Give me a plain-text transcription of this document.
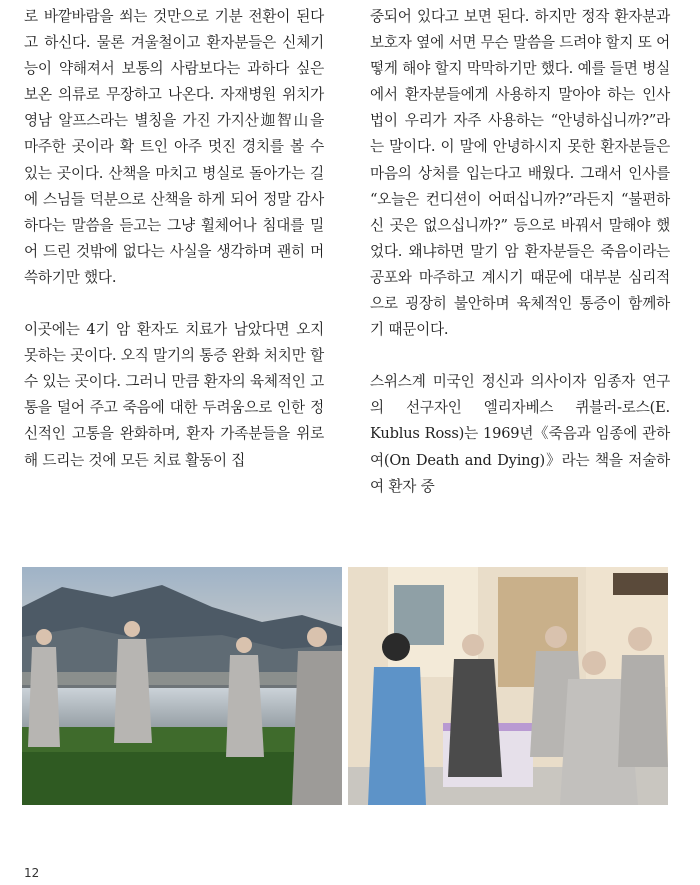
로 바깥바람을 쐬는 것만으로 기분 전환이 된다고 하신다. 물론 겨울철이고 환자분들은 신체기능이 약해져서 보통의 사람보다는 과하다 싶은 보온 의류로 무장하고 나온다. 자재병원 위치가 영남 알프스라는 별칭을 가진 가지산迦智山을 마주한 곳이라 확 트인 아주 멋진 경치를 볼 수 있는 곳이다. 산책을 마치고 병실로 돌아가는 길에 스님들 덕분으로 산책을 하게 되어 정말 감사하다는 말씀을 듣고는 그냥 휠체어나 침대를 밀어 드린 것밖에 없다는 사실을 생각하며 괜히 머쓱하기만 했다.

이곳에는 4기 암 환자도 치료가 남았다면 오지 못하는 곳이다. 오직 말기의 통증 완화 처치만 할 수 있는 곳이다. 그러니 만큼 환자의 육체적인 고통을 덜어 주고 죽음에 대한 두려움으로 인한 정신적인 고통을 완화하며, 환자 가족분들을 위로해 드리는 것에 모든 치료 활동이 집

중되어 있다고 보면 된다. 하지만 정작 환자분과 보호자 옆에 서면 무슨 말씀을 드려야 할지 또 어떻게 해야 할지 막막하기만 했다. 예를 들면 병실에서 환자분들에게 사용하지 말아야 하는 인사법이 우리가 자주 사용하는 “안녕하십니까?”라는 말이다. 이 말에 안녕하시지 못한 환자분들은 마음의 상처를 입는다고 배웠다. 그래서 인사를 “오늘은 컨디션이 어떠십니까?”라든지 “불편하신 곳은 없으십니까?” 등으로 바꿔서 말해야 했었다. 왜냐하면 말기 암 환자분들은 죽음이라는 공포와 마주하고 계시기 때문에 대부분 심리적으로 굉장히 불안하며 육체적인 통증이 함께하기 때문이다.

스위스계 미국인 정신과 의사이자 임종자 연구의 선구자인 엘리자베스 퀴블러-로스(E. Kublus Ross)는 1969년《죽음과 임종에 관하여(On Death and Dying)》라는 책을 저술하여 환자 중

12
